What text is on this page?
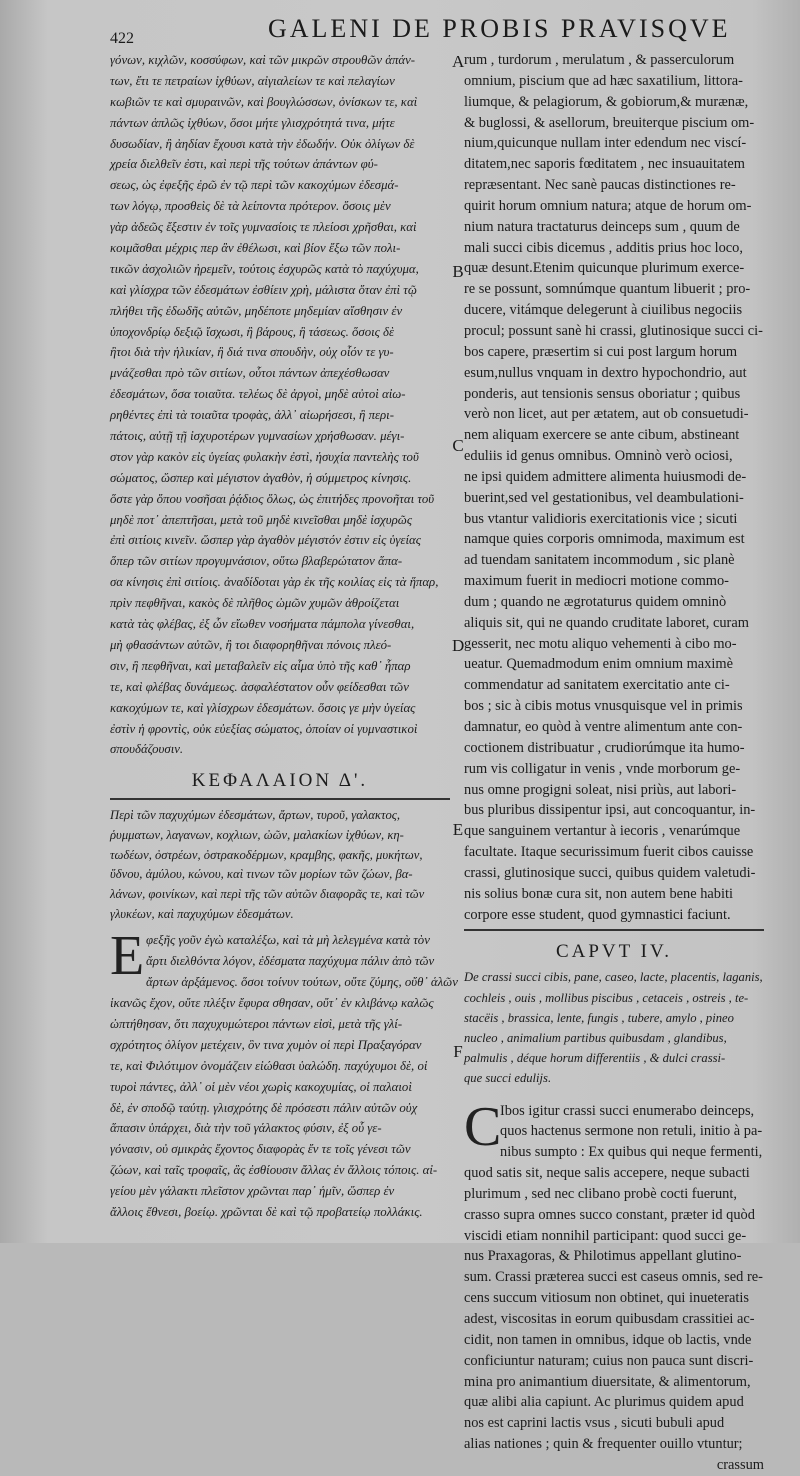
422	GALENI DE PROBIS PRAVISQVE
A
B
C
D
E
F
γόνων, κιχλῶν, κοσσύφων, καὶ τῶν μικρῶν στρουθῶν ἁπάν-
των, ἔτι τε πετραίων ἰχθύων, αἰγιαλείων τε καὶ πελαγίων
κωβιῶν τε καὶ σμυραινῶν, καὶ βουγλώσσων, ὀνίσκων τε, καὶ
πάντων ἁπλῶς ἰχθύων, ὅσοι μήτε γλισχρότητά τινα, μήτε
δυσωδίαν, ἢ ἀηδίαν ἔχουσι κατὰ τὴν ἐδωδήν. Οὐκ ὀλίγων δὲ
χρεία διελθεῖν ἐστι, καὶ περὶ τῆς τούτων ἁπάντων φύ-
σεως, ὡς ἐφεξῆς ἐρῶ ἐν τῷ περὶ τῶν κακοχύμων ἐδεσμά-
των λόγῳ, προσθεὶς δὲ τὰ λείποντα πρότερον. ὅσοις μὲν
γὰρ ἀδεῶς ἔξεστιν ἐν τοῖς γυμνασίοις τε πλείοσι χρῆσθαι, καὶ
κοιμᾶσθαι μέχρις περ ἂν ἐθέλωσι, καὶ βίον ἔξω τῶν πολι-
τικῶν ἀσχολιῶν ἠρεμεῖν, τούτοις ἐσχυρῶς κατὰ τὸ παχύχυμα,
καὶ γλίσχρα τῶν ἐδεσμάτων ἐσθίειν χρὴ, μάλιστα ὅταν ἐπὶ τῷ
πλήθει τῆς ἐδωδῆς αὐτῶν, μηδέποτε μηδεμίαν αἴσθησιν ἐν
ὑποχονδρίῳ δεξιῷ ἴσχωσι, ἢ βάρους, ἢ τάσεως. ὅσοις δὲ
ἢτοι διὰ τὴν ἡλικίαν, ἢ διά τινα σπουδὴν, οὐχ οἷόν τε γυ-
μνάζεσθαι πρὸ τῶν σιτίων, οὗτοι πάντων ἀπεχέσθωσαν
ἐδεσμάτων, ὅσα τοιαῦτα. τελέως δὲ ἀργοὶ, μηδὲ αὐτοὶ αἰω-
ρηθέντες ἐπὶ τὰ τοιαῦτα τροφὰς, ἀλλ᾽ αἰωρήσεσι, ἢ περι-
πάτοις, αὐτῇ τῇ ἰσχυροτέρων γυμνασίων χρήσθωσαν. μέγι-
στον γὰρ κακὸν εἰς ὑγείας φυλακὴν ἐστὶ, ἡσυχία παντελὴς τοῦ
σώματος, ὥσπερ καὶ μέγιστον ἀγαθὸν, ἡ σύμμετρος κίνησις.
ὅστε γὰρ ὅπου νοσῆσαι ῥᾴδιος ὅλως, ὡς ἐπιτήδες προνοῆται τοῦ
μηδὲ ποτ᾽ ἀπεπτῆσαι, μετὰ τοῦ μηδὲ κινεῖσθαι μηδὲ ἰσχυρῶς
ἐπὶ σιτίοις κινεῖν. ὥσπερ γὰρ ἀγαθὸν μέγιστόν ἐστιν εἰς ὑγείας
ὅπερ τῶν σιτίων προγυμνάσιον, οὕτω βλαβερώτατον ἅπα-
σα κίνησις ἐπὶ σιτίοις. ἀναδίδοται γὰρ ἐκ τῆς κοιλίας εἰς τὰ ἥπαρ,
πρὶν πεφθῆναι, κακὸς δὲ πλῆθος ὠμῶν χυμῶν ἀθροίζεται
κατὰ τὰς φλέβας, ἐξ ὧν εἴωθεν νοσήματα πάμπολα γίνεσθαι,
μὴ φθασάντων αὐτῶν, ἢ τοι διαφορηθῆναι πόνοις πλεό-
σιν, ἢ πεφθῆναι, καὶ μεταβαλεῖν εἰς αἷμα ὑπὸ τῆς καθ᾽ ἧπαρ
τε, καὶ φλέβας δυνάμεως. ἀσφαλέστατον οὖν φείδεσθαι τῶν
κακοχύμων τε, καὶ γλίσχρων ἐδεσμάτων. ὅσοις γε μὴν ὑγείας
ἐστὶν ἡ φροντὶς, οὐκ εὐεξίας σώματος, ὁποίαν οἱ γυμναστικοὶ
σπουδάζουσιν.
ΚΕΦΑΛΑΙΟΝ Δ'.
Περὶ τῶν παχυχύμων ἐδεσμάτων, ἄρτων, τυροῦ, γαλακτος,
ῥυμματων, λαγανων, κοχλιων, ὠῶν, μαλακίων ἰχθύων, κη-
τωδέων, ὀστρέων, ὀστρακοδέρμων, κραμβης, φακῆς, μυκήτων,
ὕδνου, ἀμύλου, κώνου, καὶ τινων τῶν μορίων τῶν ζώων, βα-
λάνων, φοινίκων, καὶ περὶ τῆς τῶν αὐτῶν διαφορᾶς τε, καὶ τῶν
γλυκέων, καὶ παχυχύμων ἐδεσμάτων.
Ε φεξῆς γοῦν ἐγὼ καταλέξω, καὶ τὰ μὴ λελεγμένα κατὰ τὸν
ἄρτι διελθόντα λόγον, ἐδέσματα παχύχυμα πάλιν ἀπὸ τῶν
ἄρτων ἀρξάμενος. ὅσοι τοίνυν τούτων, οὔτε ζύμης, οὔθ᾽ ἁλῶν
ἱκανῶς ἔχον, οὔτε πλέξιν ἔφυρα σθησαν, οὔτ᾽ ἐν κλιβάνῳ καλῶς
ὠπτήθησαν, ὅτι παχυχυμώτεροι πάντων εἰσὶ, μετὰ τῆς γλί-
σχρότητος ὀλίγον μετέχειν, ὃν τινα χυμὸν οἱ περὶ Πραξαγόραν
τε, καὶ Φιλότιμον ὀνομάζειν εἰώθασι ὑαλώδη. παχύχυμοι δὲ, οἱ
τυροὶ πάντες, ἀλλ᾽ οἱ μὲν νέοι χωρὶς κακοχυμίας, οἱ παλαιοὶ
δὲ, ἐν σποδῷ ταύτῃ. γλισχρότης δὲ πρόσεστι πάλιν αὐτῶν οὐχ
ἅπασιν ὑπάρχει, διὰ τὴν τοῦ γάλακτος φύσιν, ἐξ οὗ γε-
γόνασιν, οὐ σμικρὰς ἔχοντος διαφορὰς ἔν τε τοῖς γένεσι τῶν
ζώων, καὶ ταῖς τροφαῖς, ἃς ἐσθίουσιν ἄλλας ἐν ἄλλοις τόποις. αἰ-
γείου μὲν γάλακτι πλεῖστον χρῶνται παρ᾽ ἡμῖν, ὥσπερ ἐν
ἄλλοις ἔθνεσι, βοείῳ. χρῶνται δὲ καὶ τῷ προβατείῳ πολλάκις.
rum , turdorum , merulatum , & passerculorum
omnium, piscium que ad hæc saxatilium, littora-
liumque, & pelagiorum, & gobiorum,& murænæ,
& buglossi, & asellorum, breuiterque piscium om-
nium,quicunque nullam inter edendum nec viscí-
ditatem,nec saporis fœditatem , nec insuauitatem
repræsentant. Nec sanè paucas distinctiones re-
quirit horum omnium natura; atque de horum om-
nium natura tractaturus deinceps sum , quum de
mali succi cibis dicemus , additis prius hoc loco,
quæ desunt.Etenim quicunque plurimum exerce-
re se possunt, somnúmque quantum libuerit ; pro-
ducere, vitámque delegerunt à ciuilibus negociis
procul; possunt sanè hi crassi, glutinosique succi ci-
bos capere, præsertim si cui post largum horum
esum,nullus vnquam in dextro hypochondrio, aut
ponderis, aut tensionis sensus oboriatur ; quibus
verò non licet, aut per ætatem, aut ob consuetudi-
nem aliquam exercere se ante cibum, abstineant
eduliis id genus omnibus. Omninò verò ociosi,
ne ipsi quidem admittere alimenta huiusmodi de-
buerint,sed vel gestationibus, vel deambulationi-
bus vtantur validioris exercitationis vice ; sicuti
namque quies corporis omnimoda, maximum est
ad tuendam sanitatem incommodum , sic planè
maximum fuerit in mediocri motione commo-
dum ; quando ne ægrotaturus quidem omninò
aliquis sit, qui ne quando cruditate laboret, curam
gesserit, nec motu aliquo vehementi à cibo mo-
ueatur. Quemadmodum enim omnium maximè
commendatur ad sanitatem exercitatio ante ci-
bos ; sic à cibis motus vnusquisque vel in primis
damnatur, eo quòd à ventre alimentum ante con-
coctionem distribuatur , crudiorúmque ita humo-
rum vis colligatur in venis , vnde morborum ge-
nus omne progigni soleat, nisi priùs, aut labori-
bus pluribus dissipentur ipsi, aut concoquantur, in-
que sanguinem vertantur à iecoris , venarúmque
facultate. Itaque securissimum fuerit cibos cauisse
crassi, glutinosique succi, quibus quidem valetudi-
nis solius bonæ cura sit, non autem bene habiti
corpore esse student, quod gymnastici faciunt.
CAPVT IV.
De crassi succi cibis, pane, caseo, lacte, placentis, laganis,
cochleis , ouis , mollibus piscibus , cetaceis , ostreis , te-
stacëis , brassica, lente, fungis , tubere, amylo , pineo
nucleo , animalium partibus quibusdam , glandibus,
palmulis , déque horum differentiis , & dulci crassi-
que succi edulijs.
C
Ibos igitur crassi succi enumerabo deinceps,
quos hactenus sermone non retuli, initio à pa-
nibus sumpto : Ex quibus qui neque fermenti,
quod satis sit, neque salis accepere, neque subacti
plurimum , sed nec clibano probè cocti fuerunt,
crasso supra omnes succo constant, præter id quòd
viscidi etiam nonnihil participant: quod succi ge-
nus Praxagoras, & Philotimus appellant glutino-
sum. Crassi præterea succi est caseus omnis, sed re-
cens succum vitiosum non obtinet, qui inueteratis
adest, viscositas in eorum quibusdam crassitiei ac-
cidit, non tamen in omnibus, idque ob lactis, vnde
conficiuntur naturam; cuius non pauca sunt discri-
mina pro animantium diuersitate, & alimentorum,
quæ alibi alia capiunt. Ac plurimus quidem apud
nos est caprini lactis vsus , sicuti bubuli apud
alias nationes ; quin & frequenter ouillo vtuntur;
crassum
